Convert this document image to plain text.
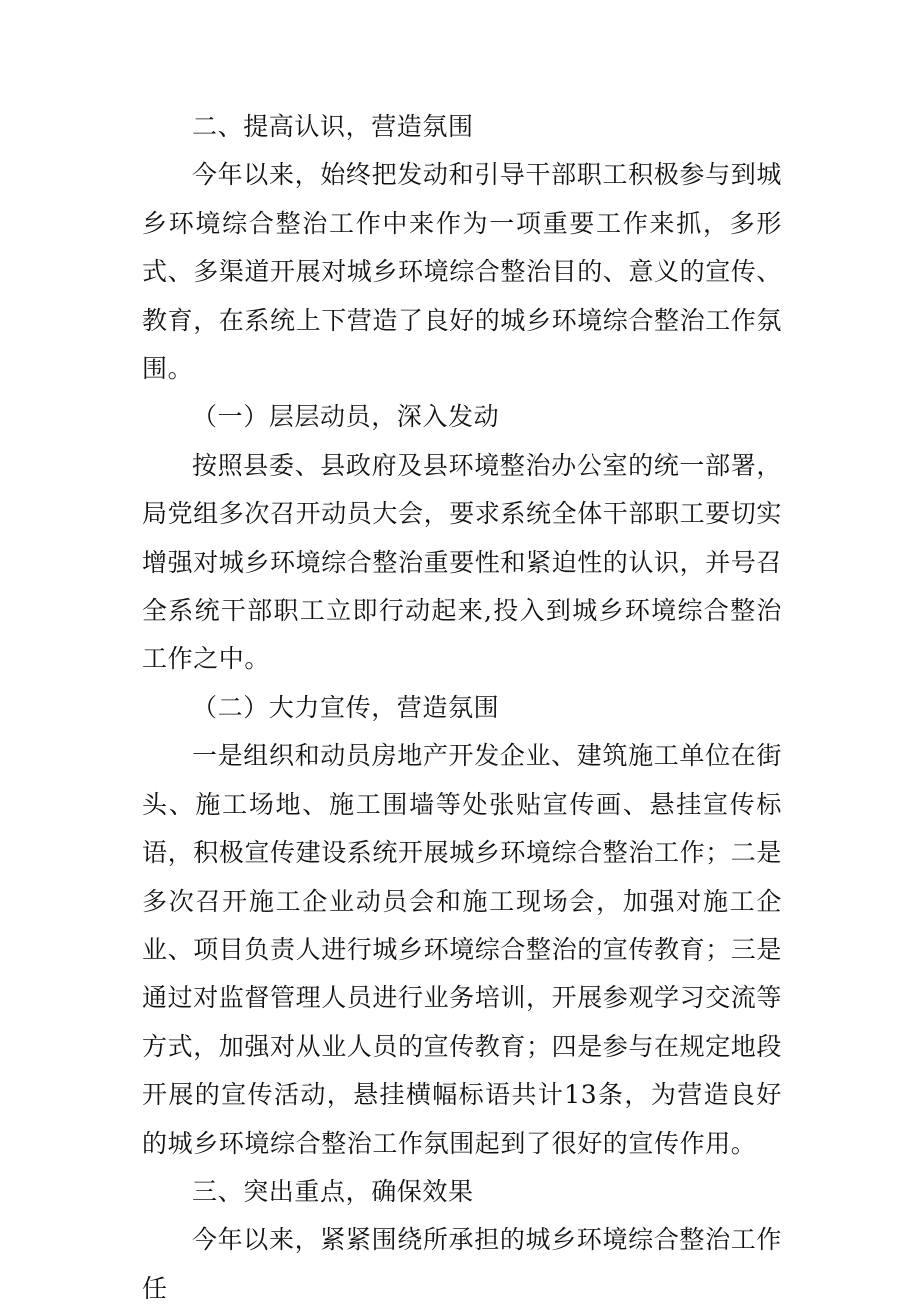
二、提高认识，营造氛围

今年以来，始终把发动和引导干部职工积极参与到城乡环境综合整治工作中来作为一项重要工作来抓，多形式、多渠道开展对城乡环境综合整治目的、意义的宣传、教育，在系统上下营造了良好的城乡环境综合整治工作氛围。

（一）层层动员，深入发动

按照县委、县政府及县环境整治办公室的统一部署，局党组多次召开动员大会，要求系统全体干部职工要切实增强对城乡环境综合整治重要性和紧迫性的认识，并号召全系统干部职工立即行动起来,投入到城乡环境综合整治工作之中。

（二）大力宣传，营造氛围

一是组织和动员房地产开发企业、建筑施工单位在街头、施工场地、施工围墙等处张贴宣传画、悬挂宣传标语，积极宣传建设系统开展城乡环境综合整治工作；二是多次召开施工企业动员会和施工现场会，加强对施工企业、项目负责人进行城乡环境综合整治的宣传教育；三是通过对监督管理人员进行业务培训，开展参观学习交流等方式，加强对从业人员的宣传教育；四是参与在规定地段开展的宣传活动，悬挂横幅标语共计13条，为营造良好的城乡环境综合整治工作氛围起到了很好的宣传作用。

三、突出重点，确保效果

今年以来，紧紧围绕所承担的城乡环境综合整治工作任
